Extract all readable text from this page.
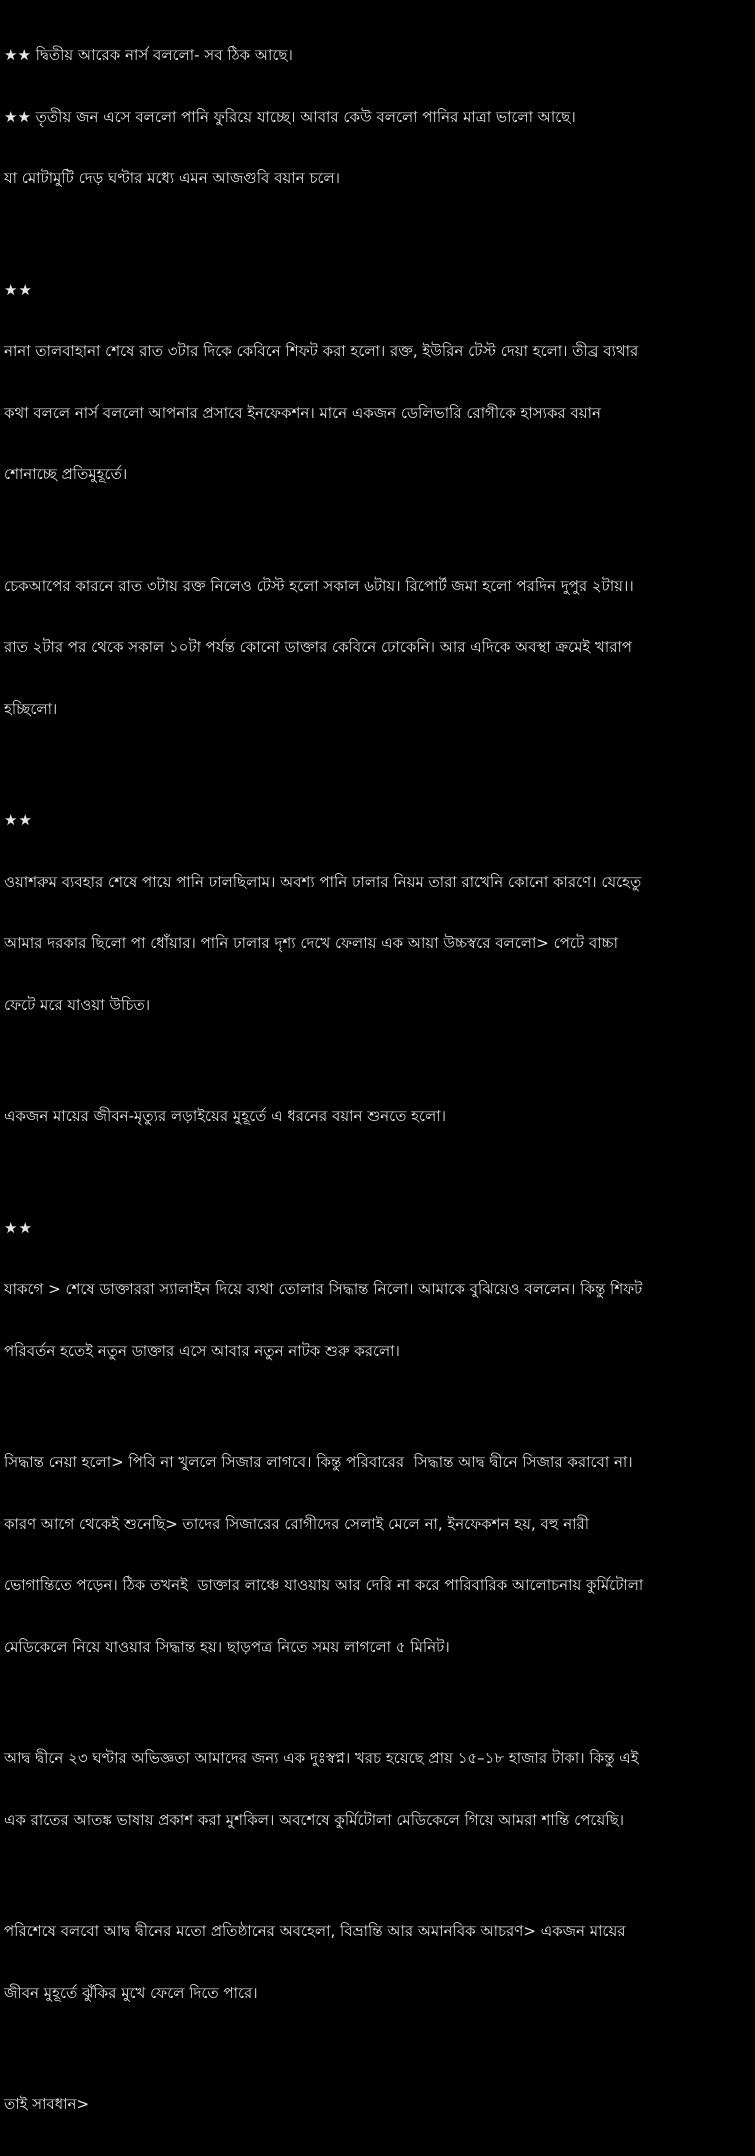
★★ দ্বিতীয় আরেক নার্স বললো- সব ঠিক আছে।

★★ তৃতীয় জন এসে বললো পানি ফুরিয়ে যাচ্ছে। আবার কেউ বললো পানির মাত্রা ভালো আছে।

যা মোটামুটি দেড় ঘণ্টার মধ্যে এমন আজগুবি বয়ান চলে।

★★

নানা তালবাহানা শেষে রাত ৩টার দিকে কেবিনে শিফট করা হলো। রক্ত, ইউরিন টেস্ট দেয়া হলো। তীব্র ব্যথার

কথা বললে নার্স বললো আপনার প্রসাবে ইনফেকশন। মানে একজন ডেলিভারি রোগীকে হাস্যকর বয়ান

শোনাচ্ছে প্রতিমুহূর্তে।

চেকআপের কারনে রাত ৩টায় রক্ত নিলেও টেস্ট হলো সকাল ৬টায়। রিপোর্ট জমা হলো পরদিন দুপুর ২টায়।।

রাত ২টার পর থেকে সকাল ১০টা পর্যন্ত কোনো ডাক্তার কেবিনে ঢোকেনি। আর এদিকে অবস্থা ক্রমেই খারাপ

হচ্ছিলো।

★★

ওয়াশরুম ব্যবহার শেষে পায়ে পানি ঢালছিলাম। অবশ্য পানি ঢালার নিয়ম তারা রাখেনি কোনো কারণে। যেহেতু

আমার দরকার ছিলো পা ধোঁয়ার। পানি ঢালার দৃশ্য দেখে ফেলায় এক আয়া উচ্চস্বরে বললো> পেটে বাচ্চা

ফেটে মরে যাওয়া উচিত।

একজন মায়ের জীবন-মৃত্যুর লড়াইয়ের মুহূর্তে এ ধরনের বয়ান শুনতে হলো।

★★

যাকগে > শেষে ডাক্তাররা স্যালাইন দিয়ে ব্যথা তোলার সিদ্ধান্ত নিলো। আমাকে বুঝিয়েও বললেন। কিন্তু শিফট

পরিবর্তন হতেই নতুন ডাক্তার এসে আবার নতুন নাটক শুরু করলো।

সিদ্ধান্ত নেয়া হলো> পিবি না খুললে সিজার লাগবে। কিন্তু পরিবারের  সিদ্ধান্ত আদ্ব দ্বীনে সিজার করাবো না।

কারণ আগে থেকেই শুনেছি> তাদের সিজারের রোগীদের সেলাই মেলে না, ইনফেকশন হয়, বহু নারী

ভোগান্তিতে পড়েন। ঠিক তখনই  ডাক্তার লাঞ্চে যাওয়ায় আর দেরি না করে পারিবারিক আলোচনায় কুর্মিটোলা

মেডিকেলে নিয়ে যাওয়ার সিদ্ধান্ত হয়। ছাড়পত্র নিতে সময় লাগলো ৫ মিনিট।

আদ্ব দ্বীনে ২৩ ঘণ্টার অভিজ্ঞতা আমাদের জন্য এক দুঃস্বপ্ন। খরচ হয়েছে প্রায় ১৫–১৮ হাজার টাকা। কিন্তু এই

এক রাতের আতঙ্ক ভাষায় প্রকাশ করা মুশকিল। অবশেষে কুর্মিটোলা মেডিকেলে গিয়ে আমরা শান্তি পেয়েছি।

পরিশেষে বলবো আদ্ব দ্বীনের মতো প্রতিষ্ঠানের অবহেলা, বিভ্রান্তি আর অমানবিক আচরণ> একজন মায়ের

জীবন মুহূর্তে ঝুঁকির মুখে ফেলে দিতে পারে।

তাই সাবধান>
